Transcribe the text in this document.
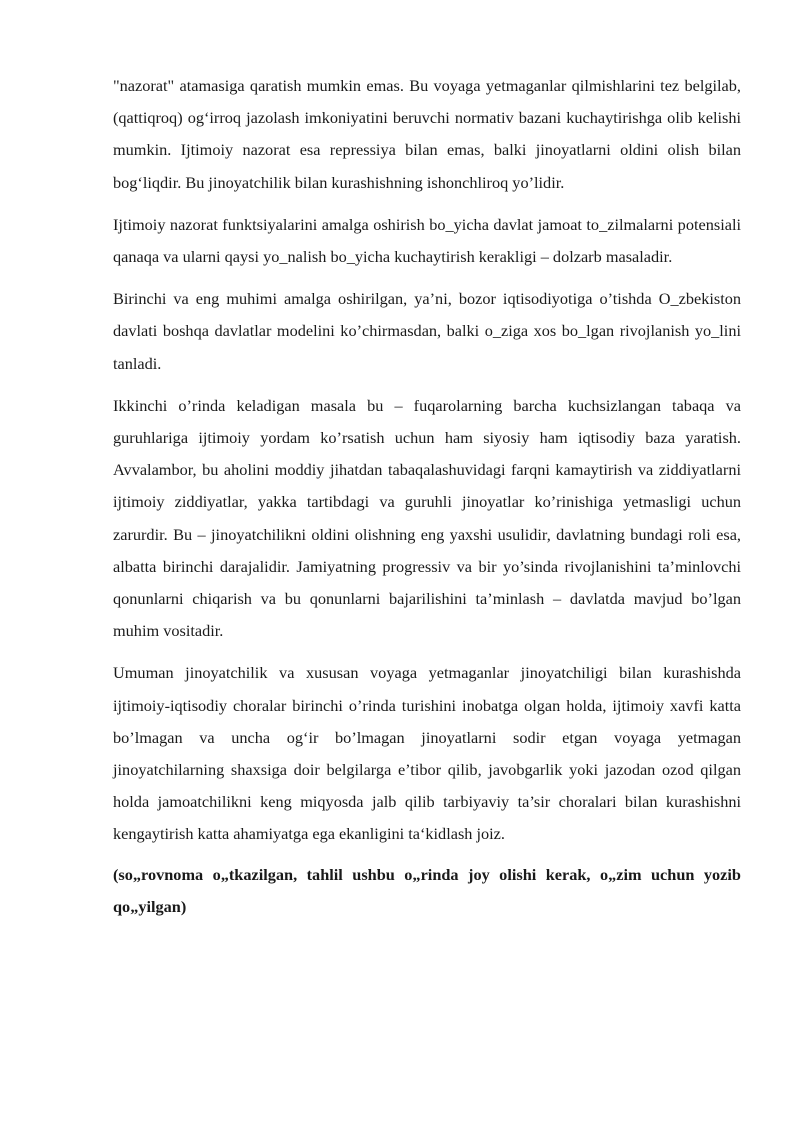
"nazorat" atamasiga qaratish mumkin emas. Bu voyaga yetmaganlar qilmishlarini tez belgilab, (qattiqroq) og‘irroq jazolash imkoniyatini beruvchi normativ bazani kuchaytirishga olib kelishi mumkin. Ijtimoiy nazorat esa repressiya bilan emas, balki jinoyatlarni oldini olish bilan bog‘liqdir. Bu jinoyatchilik bilan kurashishning ishonchliroq yo’lidir.

Ijtimoiy nazorat funktsiyalarini amalga oshirish bo_yicha davlat jamoat to_zilmalarni potensiali qanaqa va ularni qaysi yo_nalish bo_yicha kuchaytirish kerakligi – dolzarb masaladir.

Birinchi va eng muhimi amalga oshirilgan, ya’ni, bozor iqtisodiyotiga o’tishda O_zbekiston davlati boshqa davlatlar modelini ko’chirmasdan, balki o_ziga xos bo_lgan rivojlanish yo_lini tanladi.

Ikkinchi o’rinda keladigan masala bu – fuqarolarning barcha kuchsizlangan tabaqa va guruhlariga ijtimoiy yordam ko’rsatish uchun ham siyosiy ham iqtisodiy baza yaratish. Avvalambor, bu aholini moddiy jihatdan tabaqalashuvidagi farqni kamaytirish va ziddiyatlarni ijtimoiy ziddiyatlar, yakka tartibdagi va guruhli jinoyatlar ko’rinishiga yetmasligi uchun zarurdir. Bu – jinoyatchilikni oldini olishning eng yaxshi usulidir, davlatning bundagi roli esa, albatta birinchi darajalidir. Jamiyatning progressiv va bir yo’sinda rivojlanishini ta’minlovchi qonunlarni chiqarish va bu qonunlarni bajarilishini ta’minlash – davlatda mavjud bo’lgan muhim vositadir.

Umuman jinoyatchilik va xususan voyaga yetmaganlar jinoyatchiligi bilan kurashishda ijtimoiy-iqtisodiy choralar birinchi o’rinda turishini inobatga olgan holda, ijtimoiy xavfi katta bo’lmagan va uncha og‘ir bo’lmagan jinoyatlarni sodir etgan voyaga yetmagan jinoyatchilarning shaxsiga doir belgilarga e’tibor qilib, javobgarlik yoki jazodan ozod qilgan holda jamoatchilikni keng miqyosda jalb qilib tarbiyaviy ta’sir choralari bilan kurashishni kengaytirish katta ahamiyatga ega ekanligini ta‘kidlash joiz.

(so„rovnoma o„tkazilgan, tahlil ushbu o„rinda joy olishi kerak, o„zim uchun yozib qo„yilgan)
